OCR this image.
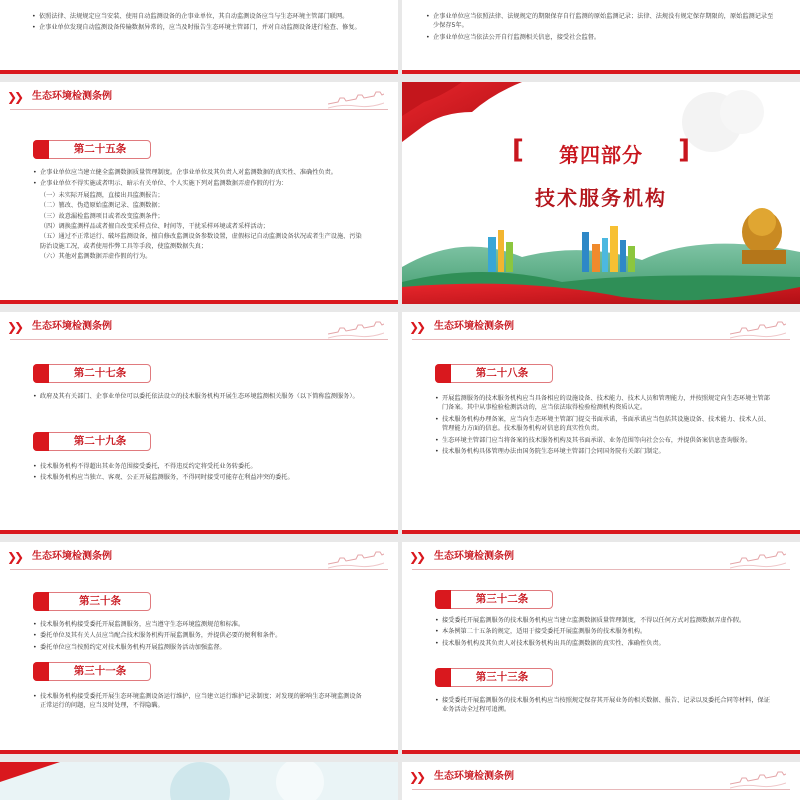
• 依照法律、法规规定应当安装、使用自动监测设备的企事业单位，其自动监测设备应当与生态环境主管部门联网。

• 企事业单位发现自动监测设备传输数据异常的，应当及时报告生态环境主管部门，并对自动监测设备进行检查、修复。

• 企事业单位应当依照法律、法规规定的期限保存自行监测的原始监测记录；法律、法规没有规定保存期限的，原始监测记录至少保存5年。

• 企事业单位应当依法公开自行监测相关信息，接受社会监督。

❯❯ 生态环境检测条例
第二十五条

• 企事业单位应当建立健全监测数据质量管理制度。企事业单位及其负责人对监测数据的真实性、准确性负责。

• 企事业单位不得实施或者明示、暗示有关单位、个人实施下列对监测数据弄虚作假的行为：

（一）未实际开展监测，直接出具监测报告；

（二）篡改、伪造原始监测记录、监测数据；

（三）故意漏检监测项目或者改变监测条件；

（四）调换监测样品或者擅自改变采样点位、时间等，干扰采样环境或者采样活动；

（五）通过不正常运行、破坏监测设备，擅自修改监测设备参数设置，虚假标记自动监测设备状况或者生产设施、污染防治设施工况，或者使用作弊工具等手段，使监测数据失真；

（六）其他对监测数据弄虚作假的行为。

[	第四部分	]
技术服务机构
❯❯ 生态环境检测条例
第二十七条

• 政府及其有关部门、企事业单位可以委托依法设立的技术服务机构开展生态环境监测相关服务（以下简称监测服务）。

第二十九条

• 技术服务机构不得超出其业务范围接受委托，不得违反约定将受托业务转委托。

• 技术服务机构应当独立、客观、公正开展监测服务，不得同时接受可能存在利益冲突的委托。

❯❯ 生态环境检测条例
第二十八条

• 开展监测服务的技术服务机构应当具备相应的设施设备、技术能力、技术人员和管理能力，并按照规定向生态环境主管部门备案。其中从事检验检测活动的，应当依法取得检验检测机构资质认定。

• 技术服务机构办理备案，应当向生态环境主管部门提交书面承诺，书面承诺应当包括其设施设备、技术能力、技术人员、管理能力方面的信息。技术服务机构对信息的真实性负责。

• 生态环境主管部门应当将备案的技术服务机构及其书面承诺、业务范围等向社会公布，并提供备案信息查询服务。

• 技术服务机构具体管理办法由国务院生态环境主管部门会同国务院有关部门制定。

❯❯ 生态环境检测条例
第三十条

• 技术服务机构接受委托开展监测服务，应当遵守生态环境监测规范和标准。

• 委托单位及其有关人员应当配合技术服务机构开展监测服务，并提供必要的便利和条件。

• 委托单位应当按照约定对技术服务机构开展监测服务活动加强监督。

第三十一条

• 技术服务机构接受委托开展生态环境监测设备运行维护，应当建立运行维护记录制度；对发现的影响生态环境监测设备正常运行的问题，应当及时处理，不得隐瞒。

❯❯ 生态环境检测条例
第三十二条

• 接受委托开展监测服务的技术服务机构应当建立监测数据质量管理制度，不得以任何方式对监测数据弄虚作假。

• 本条例第二十五条的规定，适用于接受委托开展监测服务的技术服务机构。

• 技术服务机构及其负责人对技术服务机构出具的监测数据的真实性、准确性负责。

第三十三条

• 接受委托开展监测服务的技术服务机构应当按照规定保存其开展业务的相关数据、报告、记录以及委托合同等材料，保证业务活动全过程可追溯。

❯❯ 生态环境检测条例
